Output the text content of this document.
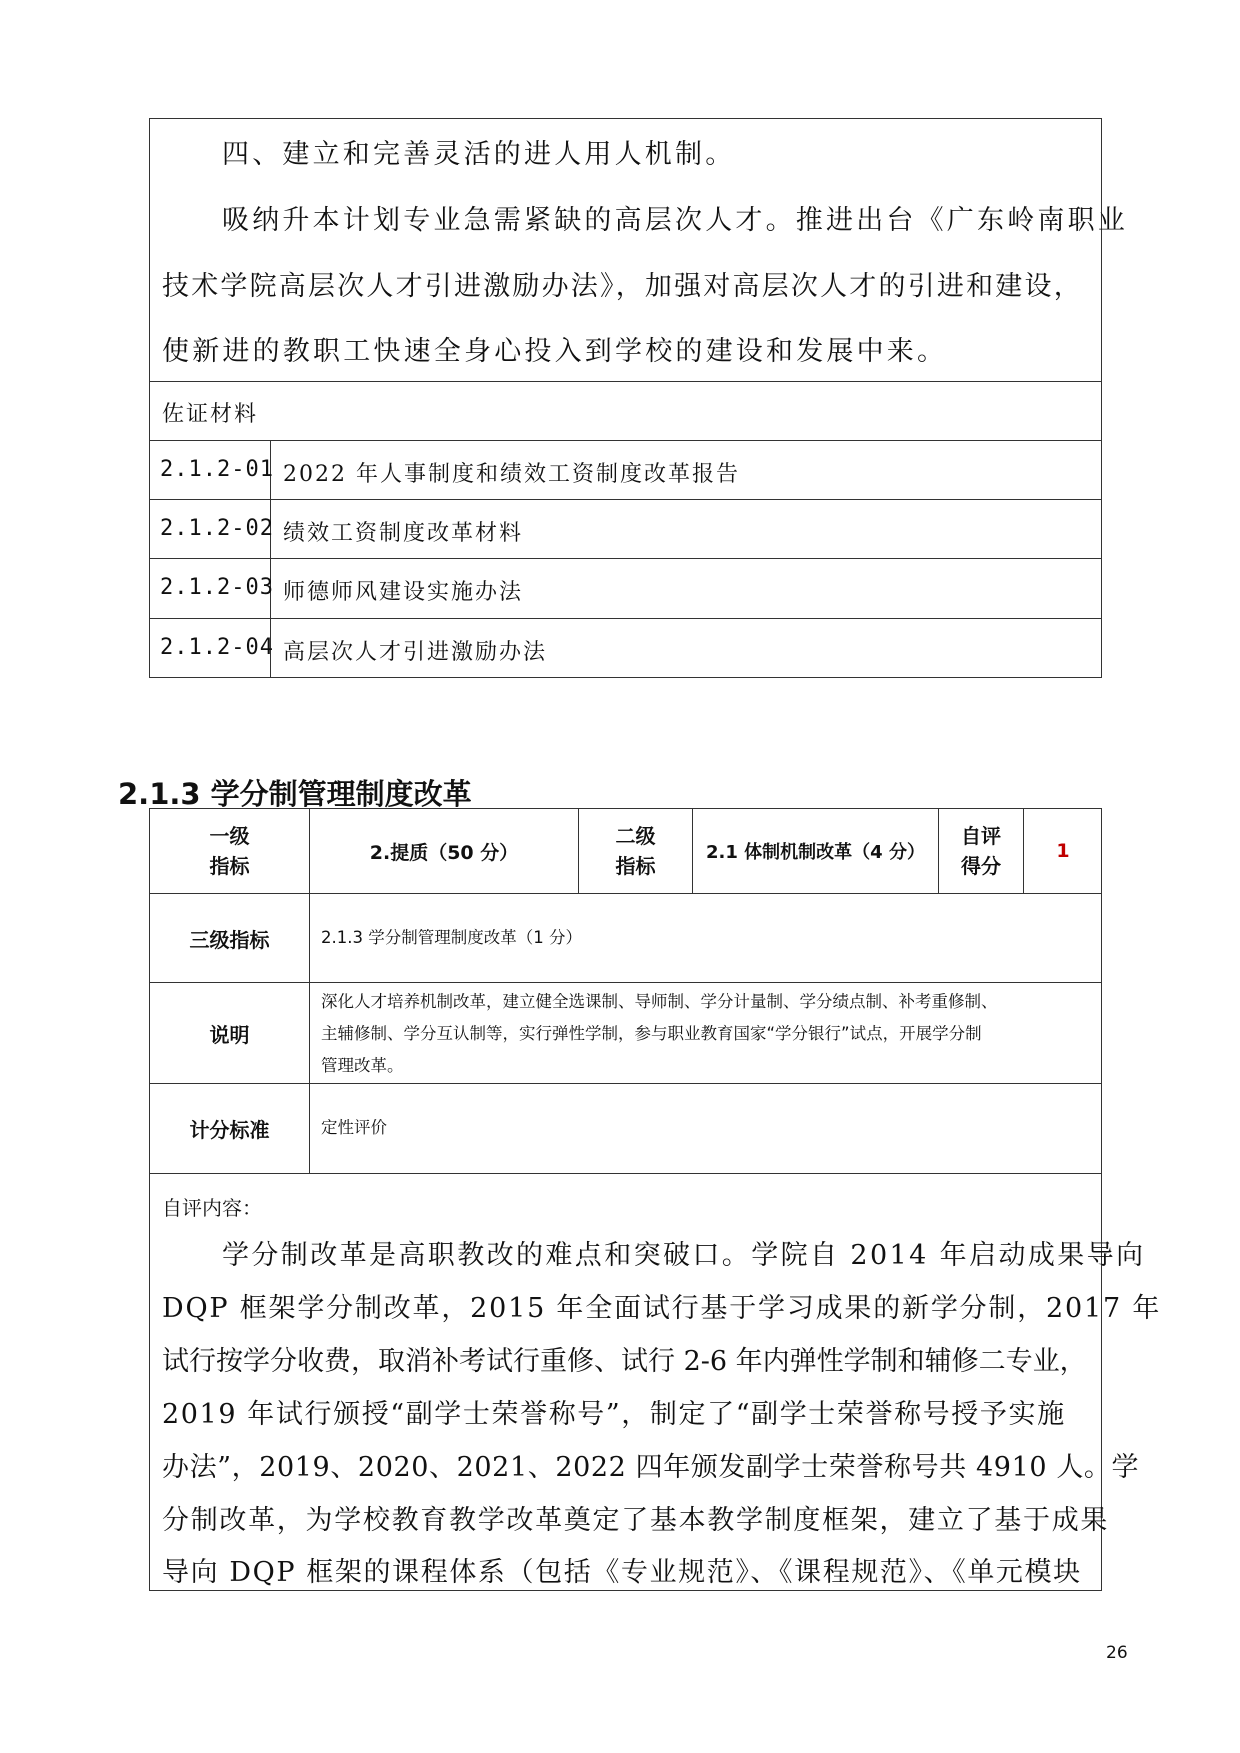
四、建立和完善灵活的进人用人机制。
吸纳升本计划专业急需紧缺的高层次人才。推进出台《广东岭南职业
技术学院高层次人才引进激励办法》，加强对高层次人才的引进和建设，
使新进的教职工快速全身心投入到学校的建设和发展中来。
佐证材料
2.1.2-01 2022 年人事制度和绩效工资制度改革报告
2.1.2-02 绩效工资制度改革材料
2.1.2-03 师德师风建设实施办法
2.1.2-04 高层次人才引进激励办法
2.1.3 学分制管理制度改革
一级
指标
2.提质（50 分）
二级
指标
2.1 体制机制改革（4 分）
自评
得分
1
三级指标	2.1.3 学分制管理制度改革（1 分）
说明
深化人才培养机制改革，建立健全选课制、导师制、学分计量制、学分绩点制、补考重修制、
主辅修制、学分互认制等，实行弹性学制，参与职业教育国家“学分银行”试点，开展学分制
管理改革。
计分标准	定性评价
自评内容：
学分制改革是高职教改的难点和突破口。学院自 2014 年启动成果导向
DQP 框架学分制改革，2015 年全面试行基于学习成果的新学分制，2017 年
试行按学分收费，取消补考试行重修、试行 2-6 年内弹性学制和辅修二专业，
2019 年试行颁授“副学士荣誉称号”，制定了“副学士荣誉称号授予实施
办法”，2019、2020、2021、2022 四年颁发副学士荣誉称号共 4910 人。学
分制改革，为学校教育教学改革奠定了基本教学制度框架，建立了基于成果
导向 DQP 框架的课程体系（包括《专业规范》、《课程规范》、《单元模块
26
